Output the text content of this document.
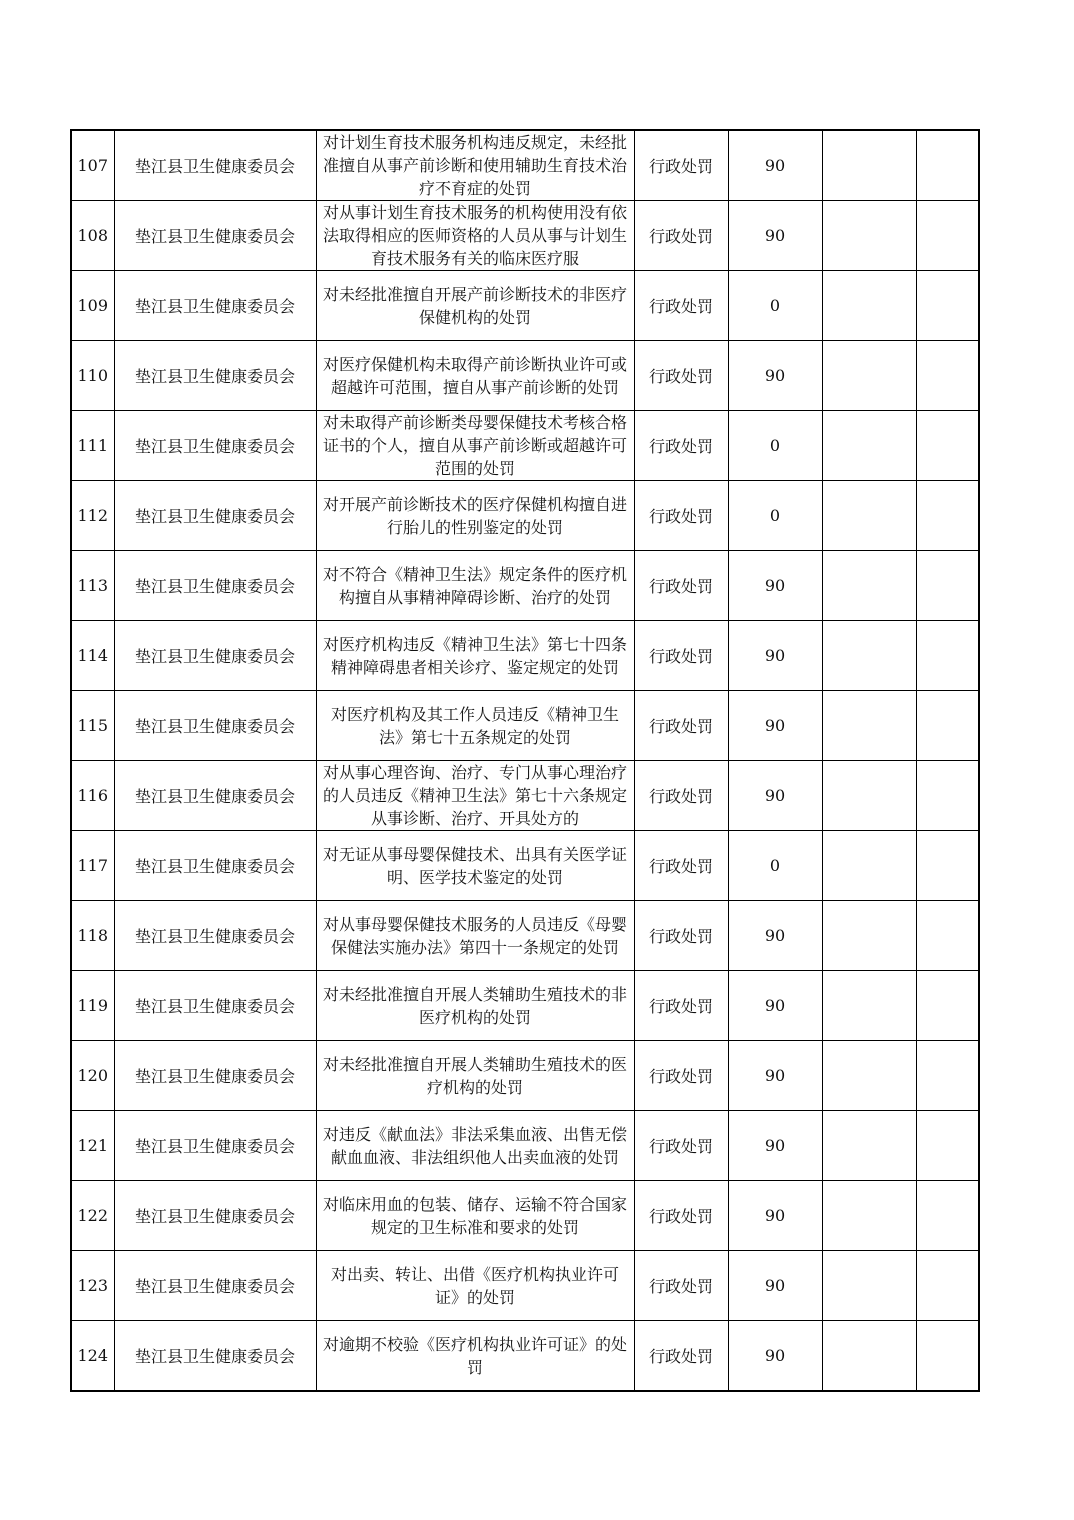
107	垫江县卫生健康委员会	对计划生育技术服务机构违反规定，未经批准擅自从事产前诊断和使用辅助生育技术治疗不育症的处罚	行政处罚	90		
108	垫江县卫生健康委员会	对从事计划生育技术服务的机构使用没有依法取得相应的医师资格的人员从事与计划生育技术服务有关的临床医疗服	行政处罚	90		
109	垫江县卫生健康委员会	对未经批准擅自开展产前诊断技术的非医疗保健机构的处罚	行政处罚	0		
110	垫江县卫生健康委员会	对医疗保健机构未取得产前诊断执业许可或超越许可范围，擅自从事产前诊断的处罚	行政处罚	90		
111	垫江县卫生健康委员会	对未取得产前诊断类母婴保健技术考核合格证书的个人，擅自从事产前诊断或超越许可范围的处罚	行政处罚	0		
112	垫江县卫生健康委员会	对开展产前诊断技术的医疗保健机构擅自进行胎儿的性别鉴定的处罚	行政处罚	0		
113	垫江县卫生健康委员会	对不符合《精神卫生法》规定条件的医疗机构擅自从事精神障碍诊断、治疗的处罚	行政处罚	90		
114	垫江县卫生健康委员会	对医疗机构违反《精神卫生法》第七十四条精神障碍患者相关诊疗、鉴定规定的处罚	行政处罚	90		
115	垫江县卫生健康委员会	对医疗机构及其工作人员违反《精神卫生法》第七十五条规定的处罚	行政处罚	90		
116	垫江县卫生健康委员会	对从事心理咨询、治疗、专门从事心理治疗的人员违反《精神卫生法》第七十六条规定从事诊断、治疗、开具处方的	行政处罚	90		
117	垫江县卫生健康委员会	对无证从事母婴保健技术、出具有关医学证明、医学技术鉴定的处罚	行政处罚	0		
118	垫江县卫生健康委员会	对从事母婴保健技术服务的人员违反《母婴保健法实施办法》第四十一条规定的处罚	行政处罚	90		
119	垫江县卫生健康委员会	对未经批准擅自开展人类辅助生殖技术的非医疗机构的处罚	行政处罚	90		
120	垫江县卫生健康委员会	对未经批准擅自开展人类辅助生殖技术的医疗机构的处罚	行政处罚	90		
121	垫江县卫生健康委员会	对违反《献血法》非法采集血液、出售无偿献血血液、非法组织他人出卖血液的处罚	行政处罚	90		
122	垫江县卫生健康委员会	对临床用血的包装、储存、运输不符合国家规定的卫生标准和要求的处罚	行政处罚	90		
123	垫江县卫生健康委员会	对出卖、转让、出借《医疗机构执业许可证》的处罚	行政处罚	90		
124	垫江县卫生健康委员会	对逾期不校验《医疗机构执业许可证》的处罚	行政处罚	90		
